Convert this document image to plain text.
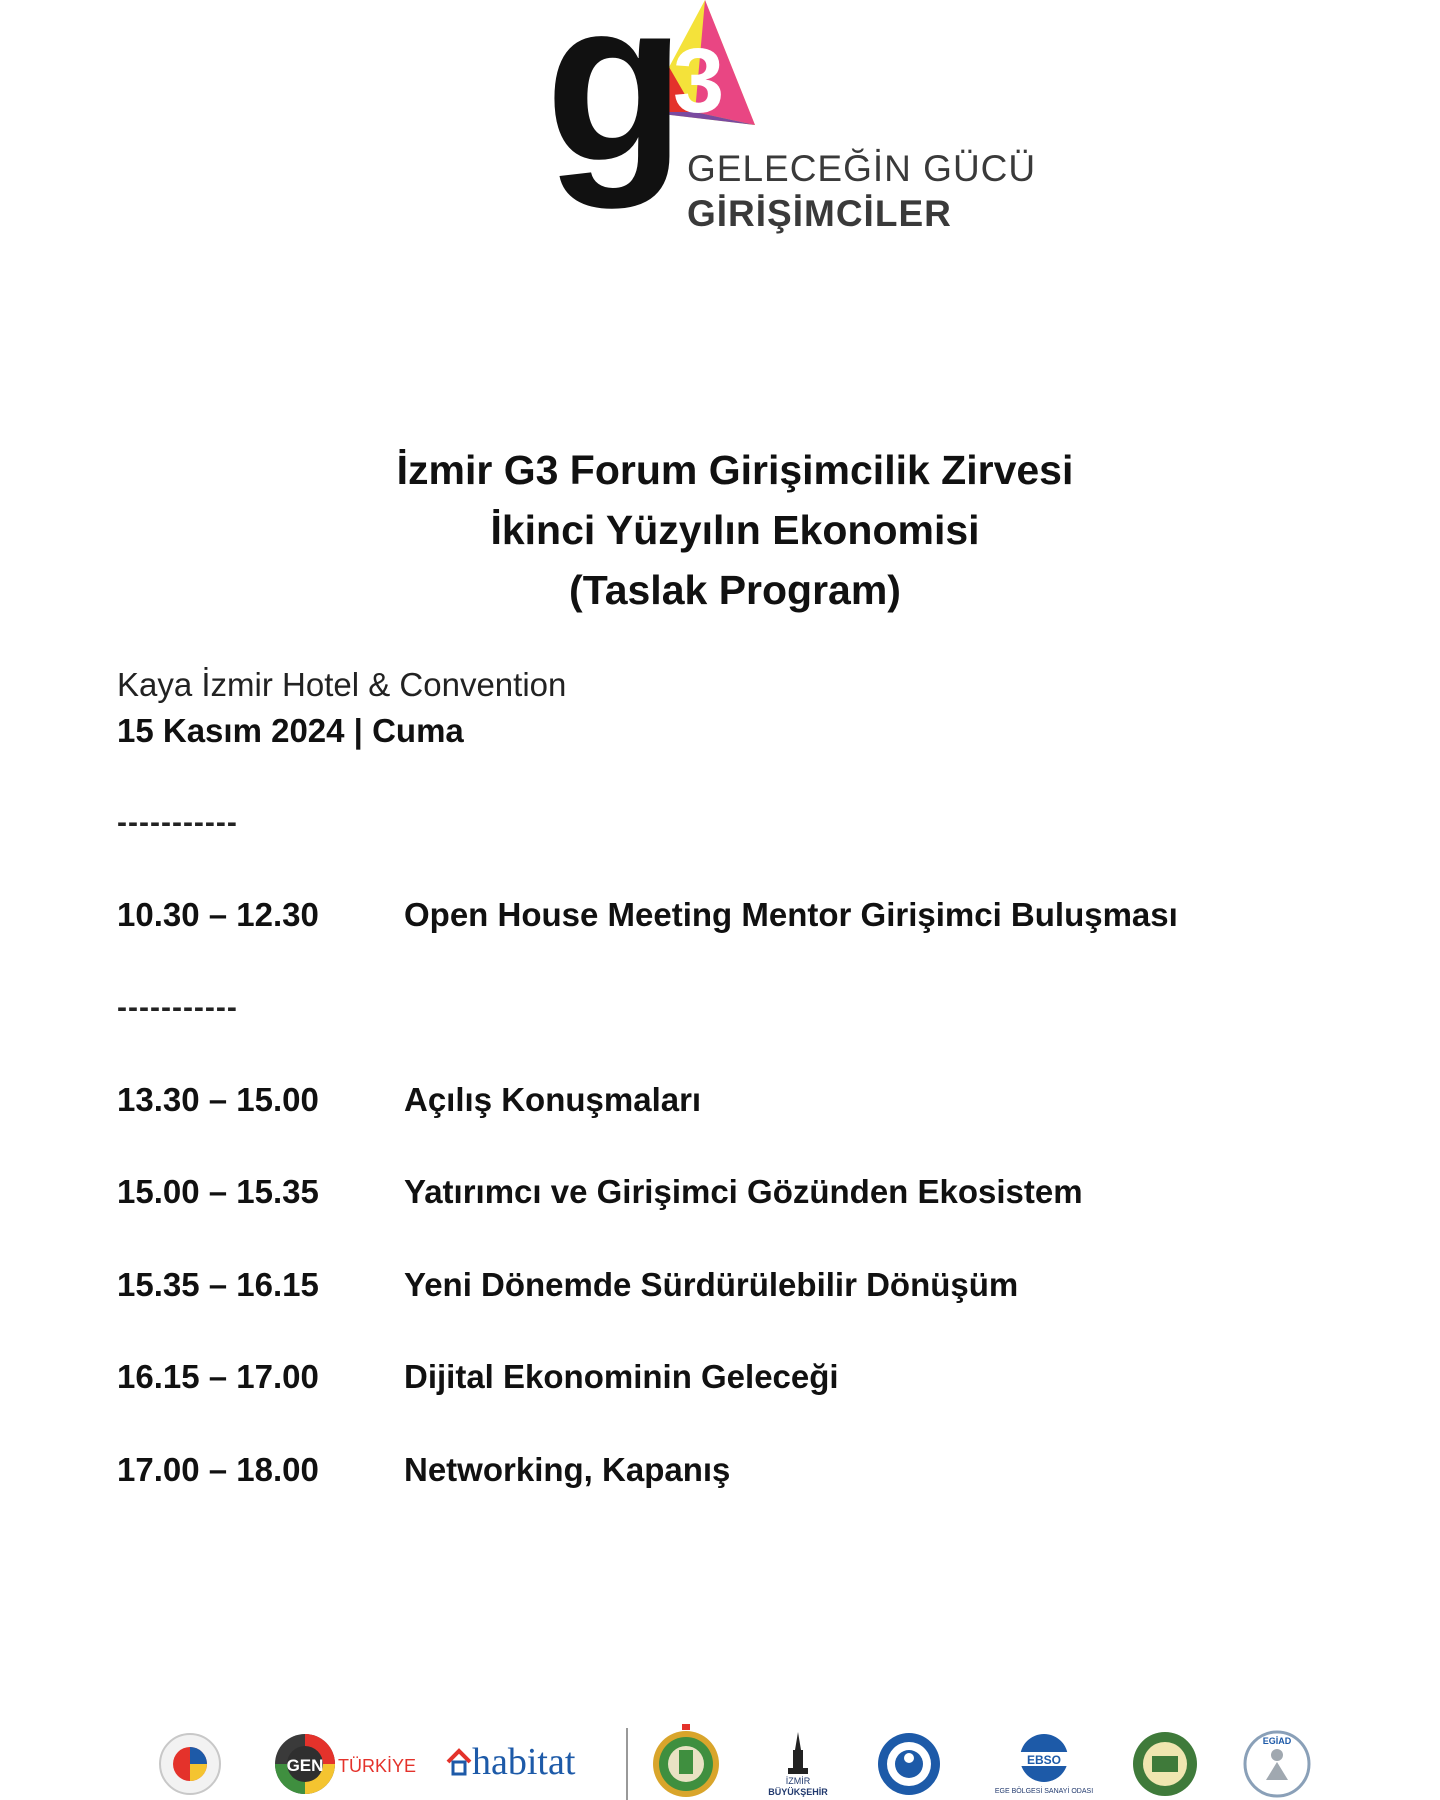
3
g GELECEĞİN GÜCÜ
GİRİŞİMCİLER
İzmir G3 Forum Girişimcilik Zirvesi
İkinci Yüzyılın Ekonomisi
(Taslak Program)
Kaya İzmir Hotel & Convention
15 Kasım 2024 | Cuma
-----------
10.30 – 12.30	Open House Meeting Mentor Girişimci Buluşması
-----------
13.30 – 15.00	Açılış Konuşmaları
15.00 – 15.35	Yatırımcı ve Girişimci Gözünden Ekosistem
15.35 – 16.15	Yeni Dönemde Sürdürülebilir Dönüşüm
16.15 – 17.00	Dijital Ekonominin Geleceği
17.00 – 18.00	Networking, Kapanış
GEN TÜRKİYE habitat	İZMİR
BÜYÜKŞEHİR
EBSO
EGE BÖLGESİ SANAYİ ODASI
EGİAD
